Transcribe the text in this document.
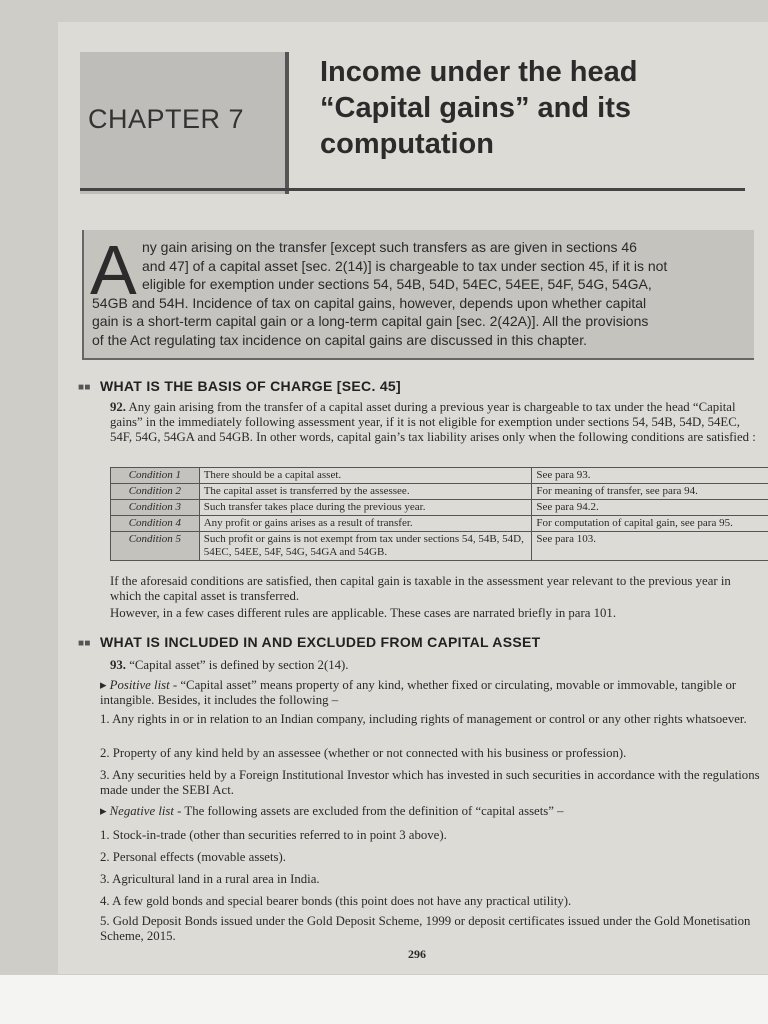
CHAPTER 7
Income under the head
“Capital gains” and its
computation
A ny gain arising on the transfer [except such transfers as are given in sections 46
and 47] of a capital asset [sec. 2(14)] is chargeable to tax under section 45, if it is not
eligible for exemption under sections 54, 54B, 54D, 54EC, 54EE, 54F, 54G, 54GA,
54GB and 54H. Incidence of tax on capital gains, however, depends upon whether capital
gain is a short-term capital gain or a long-term capital gain [sec. 2(42A)]. All the provisions
of the Act regulating tax incidence on capital gains are discussed in this chapter.
■■ WHAT IS THE BASIS OF CHARGE [SEC. 45]
92. Any gain arising from the transfer of a capital asset during a previous year is chargeable to tax under the head “Capital gains” in the immediately following assessment year, if it is not eligible for exemption under sections 54, 54B, 54D, 54EC, 54F, 54G, 54GA and 54GB. In other words, capital gain’s tax liability arises only when the following conditions are satisfied :
Condition 1	There should be a capital asset.	See para 93.
Condition 2	The capital asset is transferred by the assessee.	For meaning of transfer, see para 94.
Condition 3	Such transfer takes place during the previous year.	See para 94.2.
Condition 4	Any profit or gains arises as a result of transfer.	For computation of capital gain, see para 95.
Condition 5	Such profit or gains is not exempt from tax under sections 54, 54B, 54D, 54EC, 54EE, 54F, 54G, 54GA and 54GB.	See para 103.
If the aforesaid conditions are satisfied, then capital gain is taxable in the assessment year relevant to the previous year in which the capital asset is transferred.
However, in a few cases different rules are applicable. These cases are narrated briefly in para 101.
■■ WHAT IS INCLUDED IN AND EXCLUDED FROM CAPITAL ASSET
93. “Capital asset” is defined by section 2(14).
▸ Positive list - “Capital asset” means property of any kind, whether fixed or circulating, movable or immovable, tangible or intangible. Besides, it includes the following –
1. Any rights in or in relation to an Indian company, including rights of management or control or any other rights whatsoever.
2. Property of any kind held by an assessee (whether or not connected with his business or profession).
3. Any securities held by a Foreign Institutional Investor which has invested in such securities in accordance with the regulations made under the SEBI Act.
▸ Negative list - The following assets are excluded from the definition of “capital assets” –
1. Stock-in-trade (other than securities referred to in point 3 above).
2. Personal effects (movable assets).
3. Agricultural land in a rural area in India.
4. A few gold bonds and special bearer bonds (this point does not have any practical utility).
5. Gold Deposit Bonds issued under the Gold Deposit Scheme, 1999 or deposit certificates issued under the Gold Monetisation Scheme, 2015.
296
